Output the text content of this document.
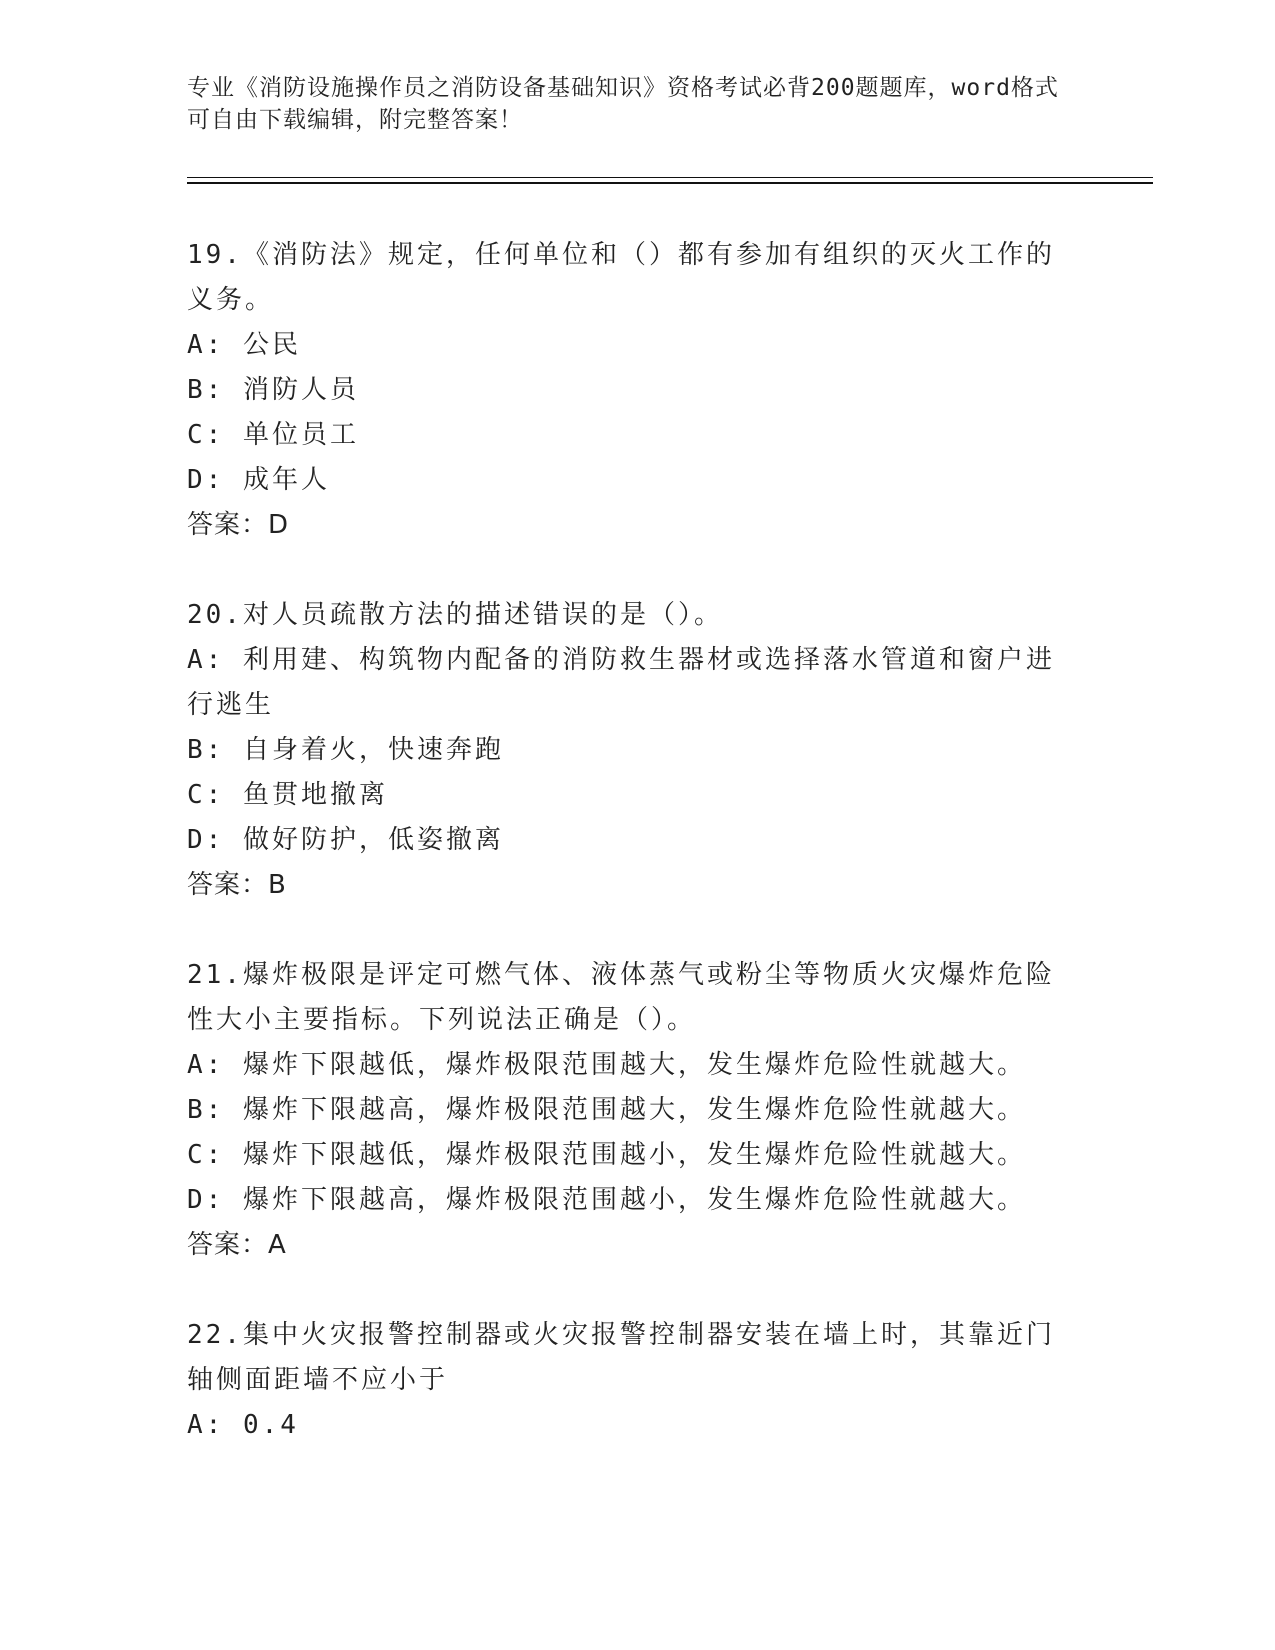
专业《消防设施操作员之消防设备基础知识》资格考试必背200题题库，word格式可自由下载编辑，附完整答案！
19.《消防法》规定，任何单位和（）都有参加有组织的灭火工作的义务。
A: 公民
B: 消防人员
C: 单位员工
D: 成年人
答案：D
20.对人员疏散方法的描述错误的是（）。
A: 利用建、构筑物内配备的消防救生器材或选择落水管道和窗户进行逃生
B: 自身着火，快速奔跑
C: 鱼贯地撤离
D: 做好防护，低姿撤离
答案：B
21.爆炸极限是评定可燃气体、液体蒸气或粉尘等物质火灾爆炸危险性大小主要指标。下列说法正确是（）。
A: 爆炸下限越低，爆炸极限范围越大，发生爆炸危险性就越大。
B: 爆炸下限越高，爆炸极限范围越大，发生爆炸危险性就越大。
C: 爆炸下限越低，爆炸极限范围越小，发生爆炸危险性就越大。
D: 爆炸下限越高，爆炸极限范围越小，发生爆炸危险性就越大。
答案：A
22.集中火灾报警控制器或火灾报警控制器安装在墙上时，其靠近门轴侧面距墙不应小于
A: 0.4
